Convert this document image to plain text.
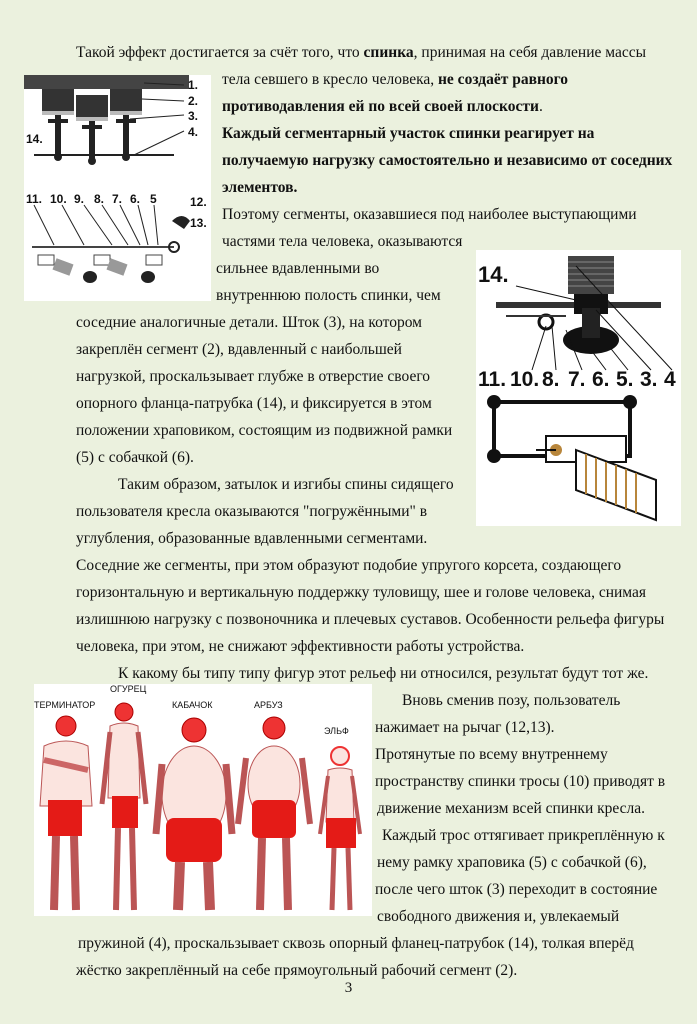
Такой эффект достигается за счёт того, что спинка, принимая на себя давление массы
тела севшего в кресло человека, не создаёт равного
противодавления ей по всей своей плоскости.
Каждый сегментарный участок спинки реагирует на
получаемую нагрузку самостоятельно и независимо от соседних
элементов.
Поэтому сегменты, оказавшиеся под наиболее выступающими
частями тела человека, оказываются
сильнее вдавленными во
внутреннюю полость спинки, чем
соседние аналогичные детали. Шток (3), на котором
закреплён сегмент (2), вдавленный с наибольшей
нагрузкой, проскальзывает глубже в отверстие своего
опорного фланца-патрубка (14), и фиксируется в этом
положении храповиком, состоящим из подвижной рамки
(5) с собачкой (6).
Таким образом, затылок и изгибы спины сидящего
пользователя кресла оказываются "погружёнными" в
углубления, образованные вдавленными сегментами.
Соседние же сегменты, при этом образуют подобие упругого корсета, создающего
горизонтальную и вертикальную поддержку туловищу, шее и голове человека, снимая
излишнюю нагрузку с позвоночника и плечевых суставов. Особенности рельефа фигуры
человека, при этом, не снижают эффективности работы устройства.
К какому бы типу типу фигур этот рельеф ни относился, результат будут тот же.
Вновь сменив позу, пользователь
нажимает на рычаг (12,13).
Протянутые по всему внутреннему
пространству спинки тросы (10) приводят в
движение механизм всей спинки кресла.
Каждый трос оттягивает прикреплённую к
нему рамку храповика (5) с собачкой (6),
после чего шток (3) переходит в состояние
свободного движения и, увлекаемый
пружиной (4), проскальзывает сквозь опорный фланец-патрубок (14), толкая вперёд
жёстко закреплённый на себе прямоугольный рабочий сегмент (2).
1.
2.
3.
4.
14.
11. 10. 9. 8. 7. 6. 5	12.
13.
14.
11. 10. 8. 7. 6. 5. 3. 4
ТЕРМИНАТОР
ОГУРЕЦ
КАБАЧОК	АРБУЗ
ЭЛЬФ
3
